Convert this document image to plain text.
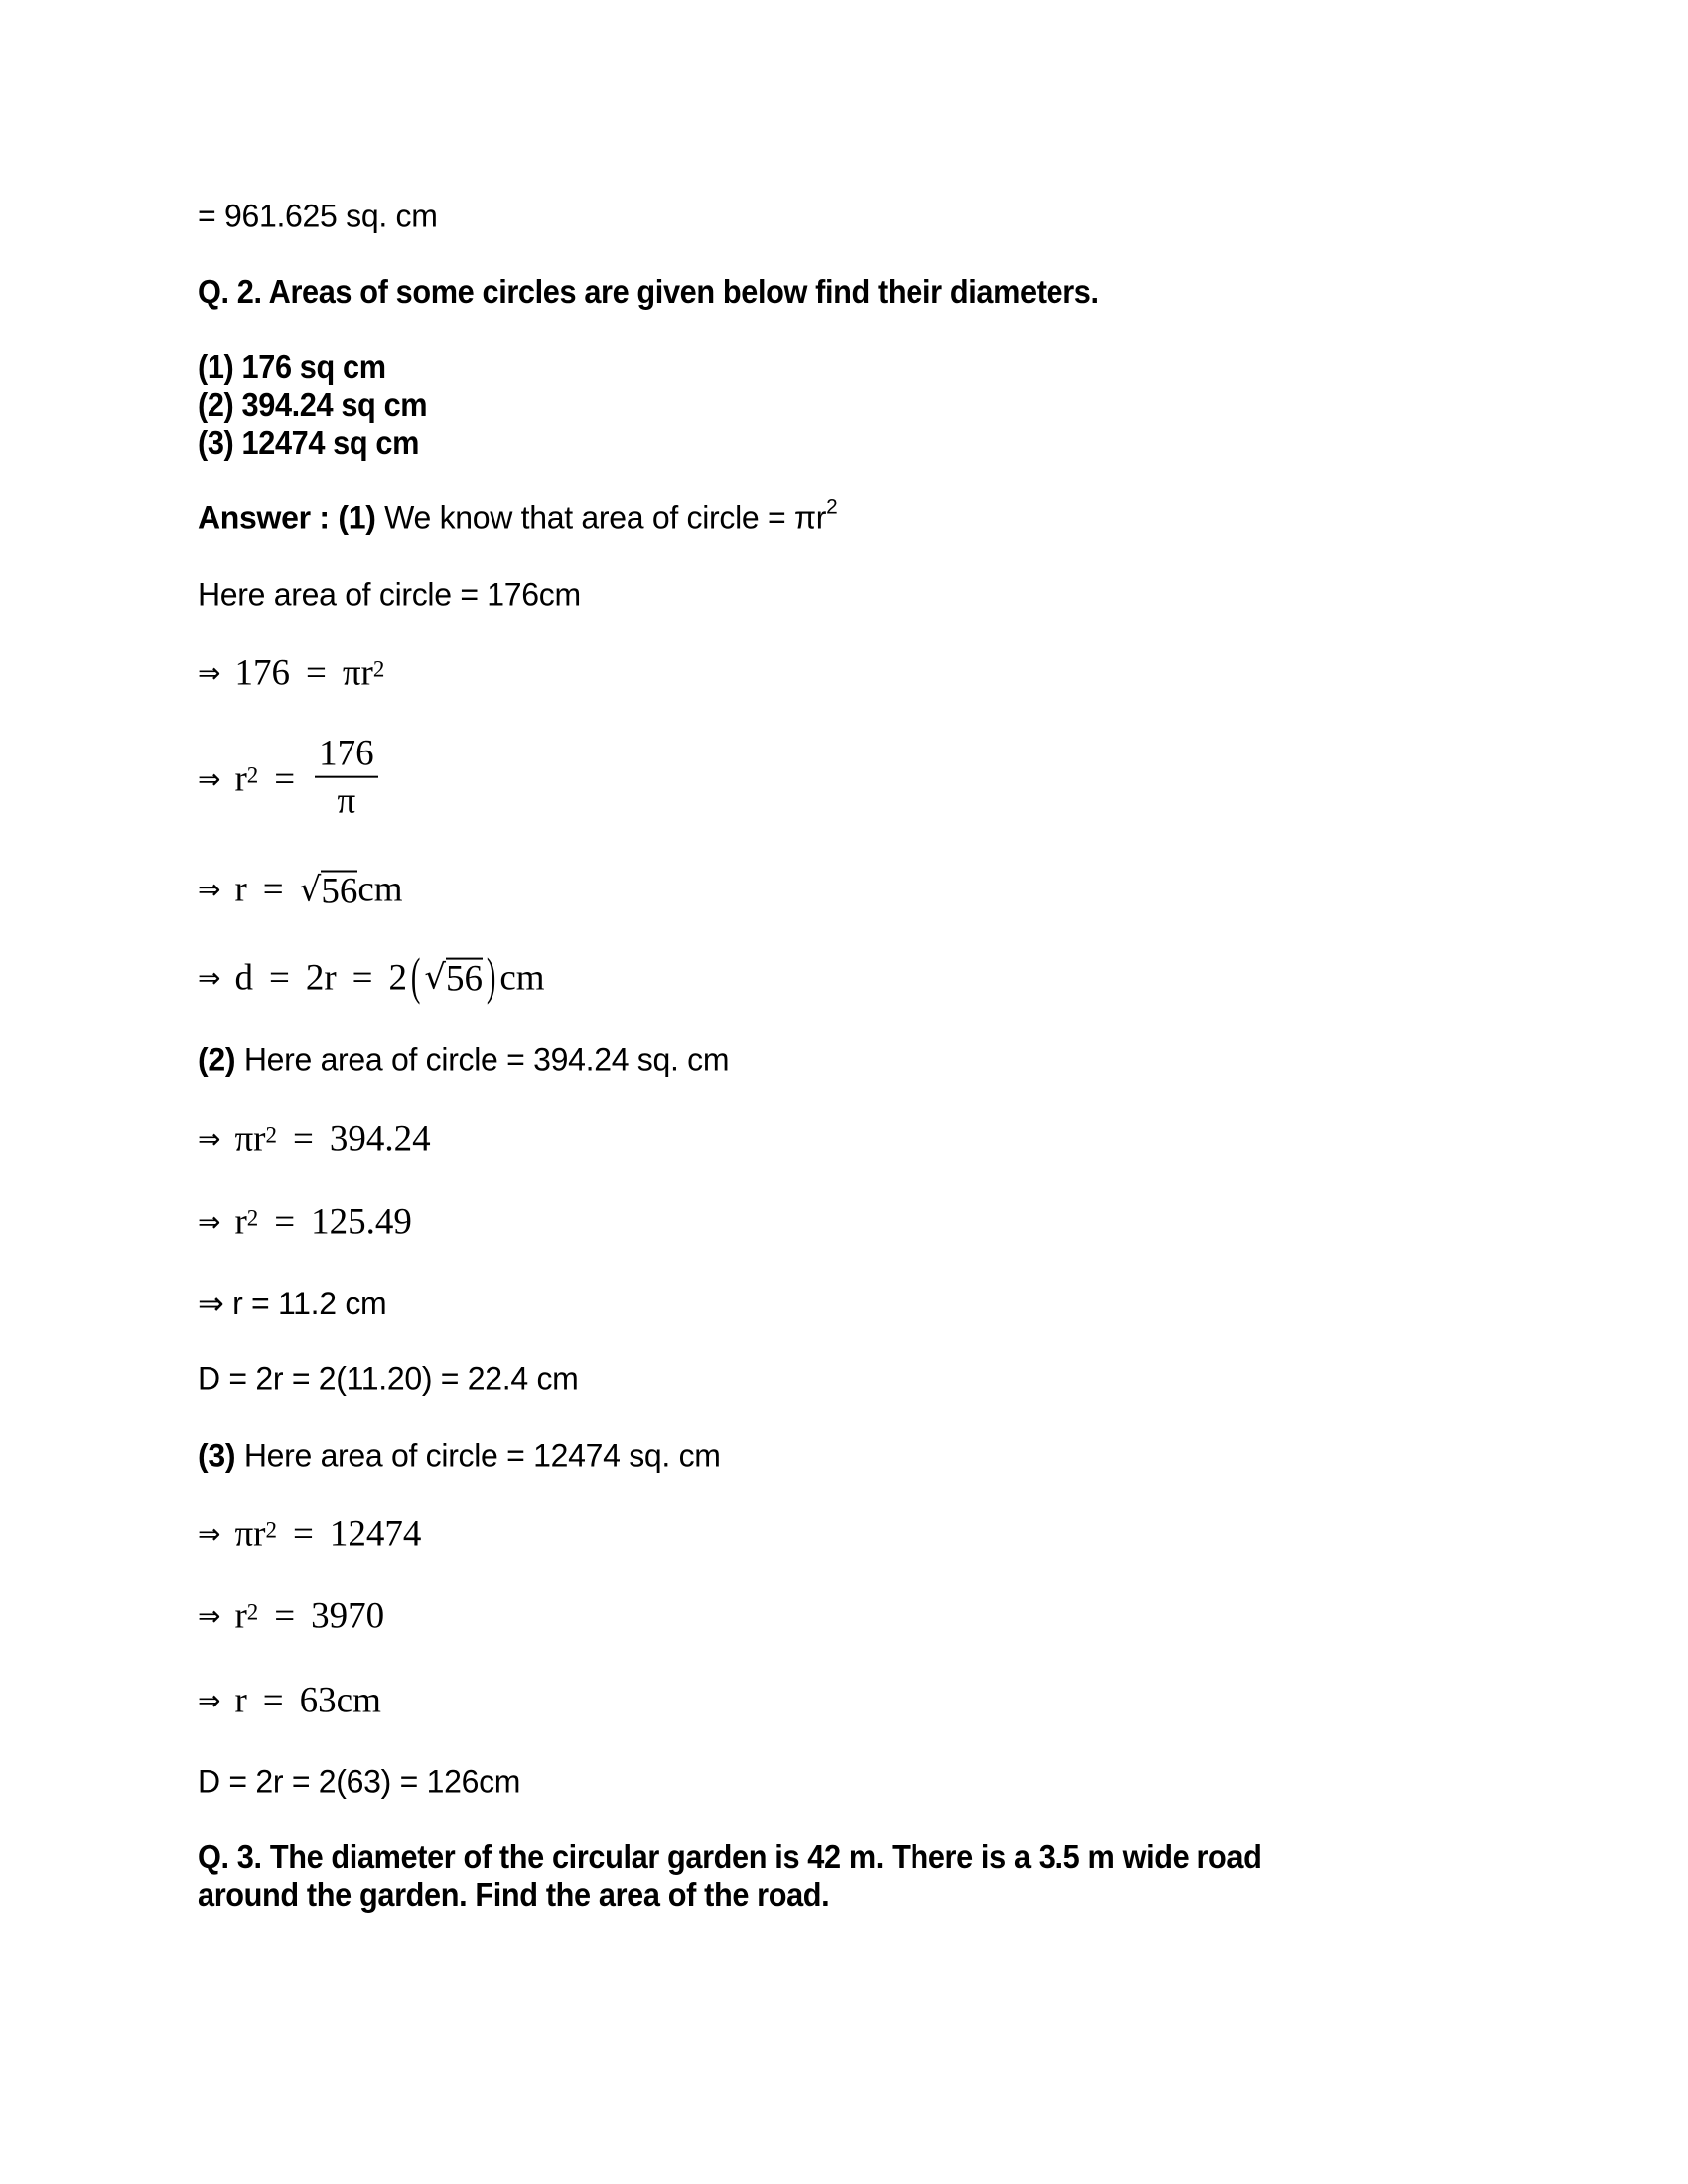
= 961.625 sq. cm
Q. 2. Areas of some circles are given below find their diameters.
(1) 176 sq cm
(2) 394.24 sq cm
(3) 12474 sq cm
Answer : (1) We know that area of circle = $\pi r^2$
Here area of circle = 176cm
⇒ $176 = \pi r^2$
⇒ $r^2 = \frac{176}{\pi}$
⇒ r = √ 56 cm
⇒ d = 2r = 2 ( √ 56 ) cm
(2) Here area of circle = 394.24 sq. cm
⇒ $\pi r^2 = 394.24$
⇒ $r^2 = 125.49$
⇒ r = 11.2 cm
D = 2r = 2(11.20) = 22.4 cm
(3) Here area of circle = 12474 sq. cm
⇒ $\pi r^2 = 12474$
⇒ $r^2 = 3970$
⇒ r = 63cm
D = 2r = 2(63) = 126cm
Q. 3. The diameter of the circular garden is 42 m. There is a 3.5 m wide road
around the garden. Find the area of the road.
